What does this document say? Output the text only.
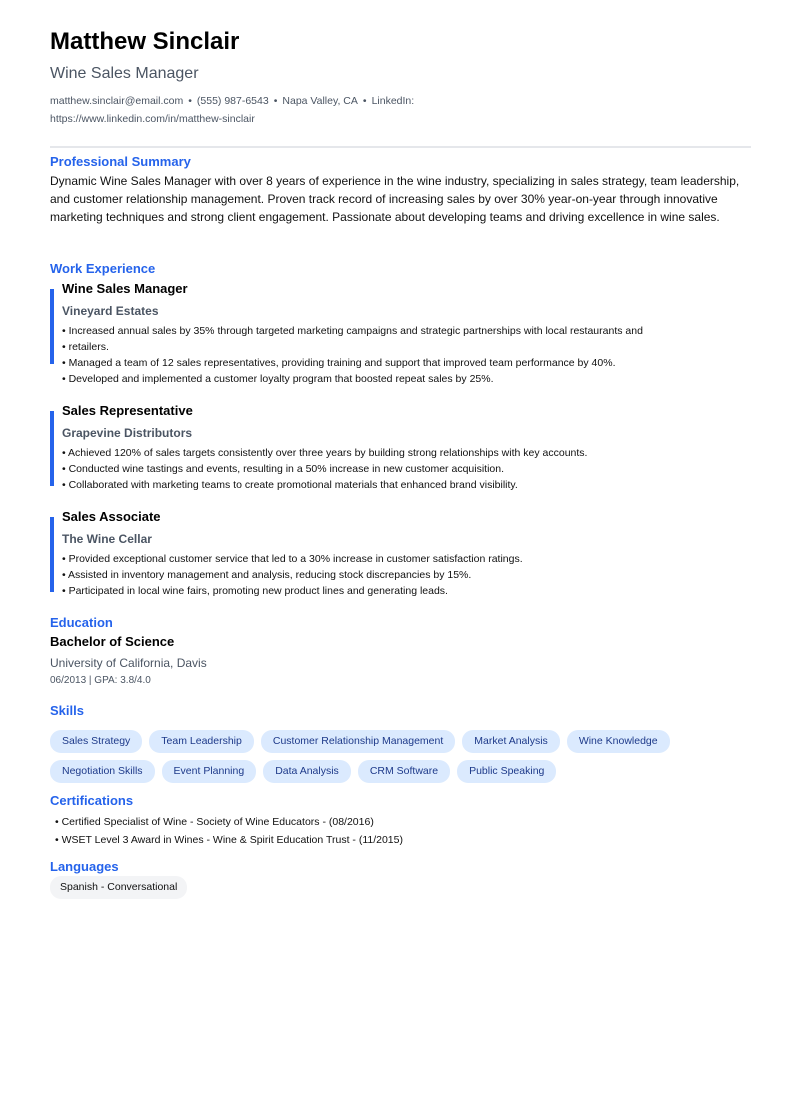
Matthew Sinclair
Wine Sales Manager
matthew.sinclair@email.com • (555) 987-6543 • Napa Valley, CA • LinkedIn:
https://www.linkedin.com/in/matthew-sinclair
Professional Summary
Dynamic Wine Sales Manager with over 8 years of experience in the wine industry, specializing in sales strategy, team leadership, and customer relationship management. Proven track record of increasing sales by over 30% year-on-year through innovative marketing techniques and strong client engagement. Passionate about developing teams and driving excellence in wine sales.
Work Experience
Wine Sales Manager
Vineyard Estates
• Increased annual sales by 35% through targeted marketing campaigns and strategic partnerships with local restaurants and
• retailers.
• Managed a team of 12 sales representatives, providing training and support that improved team performance by 40%.
• Developed and implemented a customer loyalty program that boosted repeat sales by 25%.
Sales Representative
Grapevine Distributors
• Achieved 120% of sales targets consistently over three years by building strong relationships with key accounts.
• Conducted wine tastings and events, resulting in a 50% increase in new customer acquisition.
• Collaborated with marketing teams to create promotional materials that enhanced brand visibility.
Sales Associate
The Wine Cellar
• Provided exceptional customer service that led to a 30% increase in customer satisfaction ratings.
• Assisted in inventory management and analysis, reducing stock discrepancies by 15%.
• Participated in local wine fairs, promoting new product lines and generating leads.
Education
Bachelor of Science
University of California, Davis
06/2013 | GPA: 3.8/4.0
Skills
Sales Strategy	Team Leadership	Customer Relationship Management	Market Analysis	Wine Knowledge
Negotiation Skills	Event Planning	Data Analysis	CRM Software	Public Speaking
Certifications
• Certified Specialist of Wine - Society of Wine Educators - (08/2016)
• WSET Level 3 Award in Wines - Wine & Spirit Education Trust - (11/2015)
Languages
Spanish - Conversational
